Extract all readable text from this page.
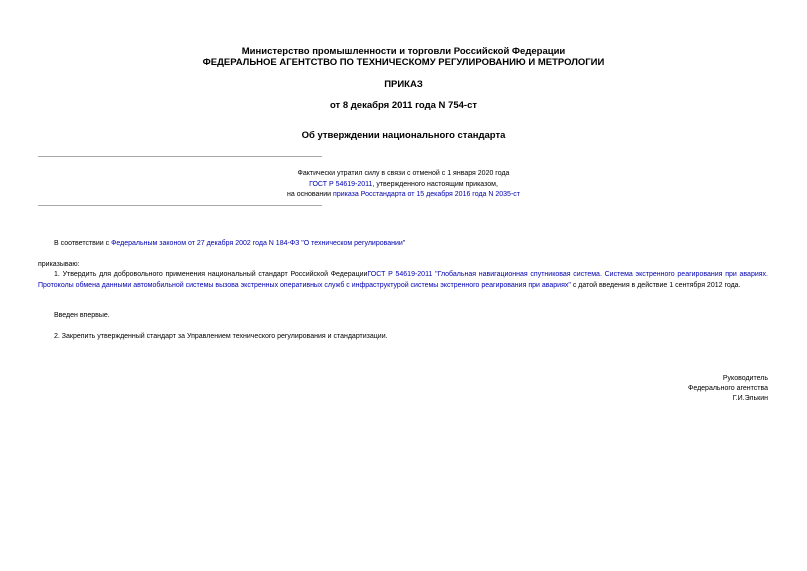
Министерство промышленности и торговли Российской Федерации
ФЕДЕРАЛЬНОЕ АГЕНТСТВО ПО ТЕХНИЧЕСКОМУ РЕГУЛИРОВАНИЮ И МЕТРОЛОГИИ
ПРИКАЗ
от 8 декабря 2011 года N 754-ст
Об утверждении национального стандарта
Фактически утратил силу в связи с отменой с 1 января 2020 года
ГОСТ Р 54619-2011, утвержденного настоящим приказом,
на основании приказа Росстандарта от 15 декабря 2016 года N 2035-ст
В соответствии с Федеральным законом от 27 декабря 2002 года N 184-ФЗ "О техническом регулировании"
приказываю:
1. Утвердить для добровольного применения национальный стандарт Российской ФедерацииГОСТ Р 54619-2011 "Глобальная навигационная спутниковая система. Система экстренного реагирования при авариях. Протоколы обмена данными автомобильной системы вызова экстренных оперативных служб с инфраструктурой системы экстренного реагирования при авариях" с датой введения в действие 1 сентября 2012 года.
Введен впервые.
2. Закрепить утвержденный стандарт за Управлением технического регулирования и стандартизации.
Руководитель
Федерального агентства
Г.И.Элькин
